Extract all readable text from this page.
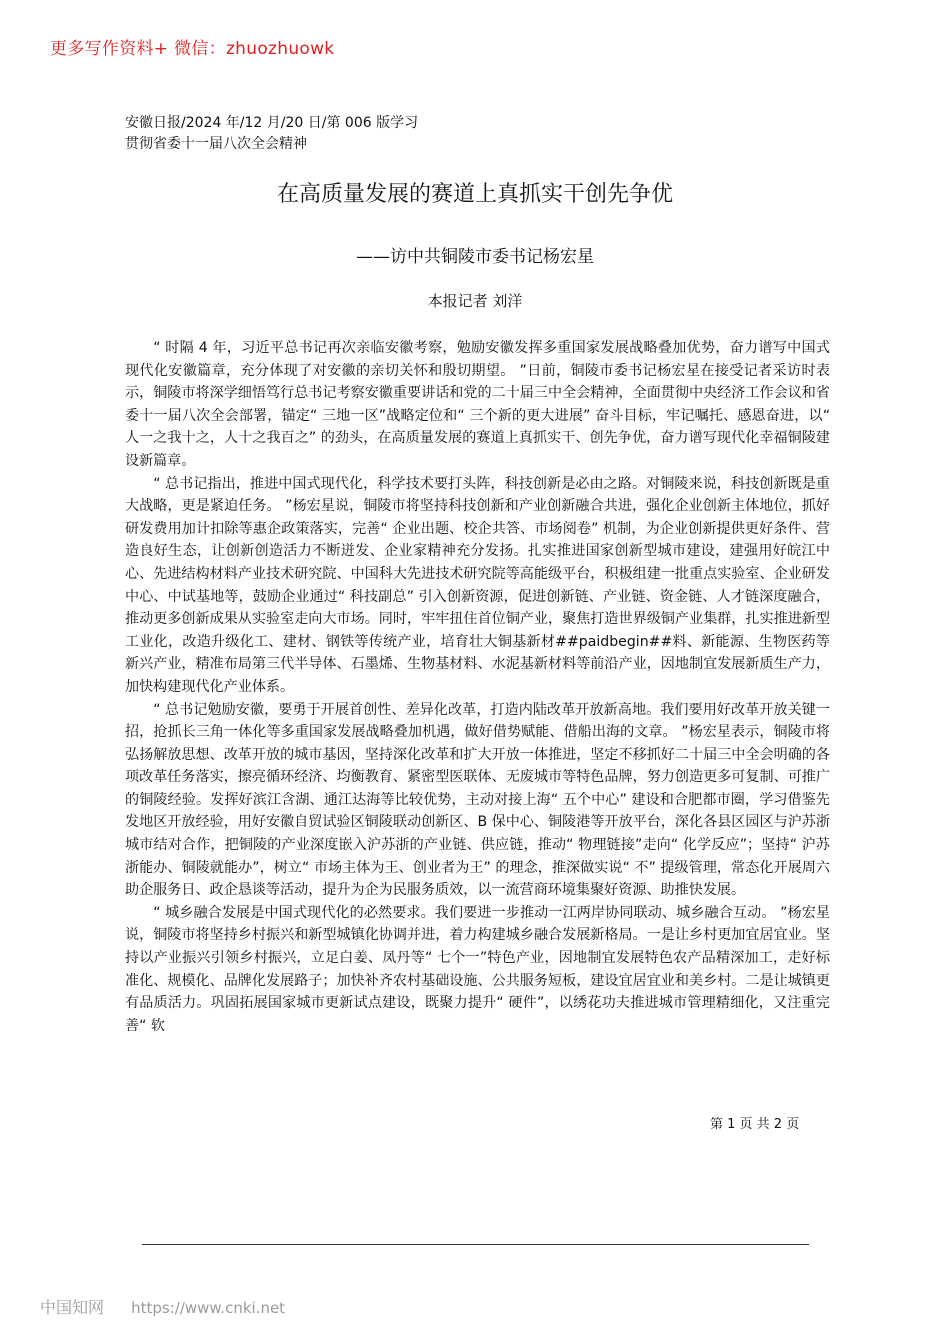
更多写作资料+ 微信：zhuozhuowk
安徽日报/2024 年/12 月/20 日/第 006 版学习贯彻省委十一届八次全会精神
在高质量发展的赛道上真抓实干创先争优
——访中共铜陵市委书记杨宏星
本报记者 刘洋

“ 时隔 4 年，习近平总书记再次亲临安徽考察，勉励安徽发挥多重国家发展战略叠加优势，奋力谱写中国式现代化安徽篇章，充分体现了对安徽的亲切关怀和殷切期望。 ”日前，铜陵市委书记杨宏星在接受记者采访时表示，铜陵市将深学细悟笃行总书记考察安徽重要讲话和党的二十届三中全会精神，全面贯彻中央经济工作会议和省委十一届八次全会部署，锚定“ 三地一区”战略定位和“ 三个新的更大进展” 奋斗目标，牢记嘱托、感恩奋进，以“ 人一之我十之，人十之我百之” 的劲头，在高质量发展的赛道上真抓实干、创先争优，奋力谱写现代化幸福铜陵建设新篇章。

“ 总书记指出，推进中国式现代化，科学技术要打头阵，科技创新是必由之路。对铜陵来说，科技创新既是重大战略，更是紧迫任务。 ”杨宏星说，铜陵市将坚持科技创新和产业创新融合共进，强化企业创新主体地位，抓好研发费用加计扣除等惠企政策落实，完善“ 企业出题、校企共答、市场阅卷” 机制，为企业创新提供更好条件、营造良好生态，让创新创造活力不断迸发、企业家精神充分发扬。扎实推进国家创新型城市建设，建强用好皖江中心、先进结构材料产业技术研究院、中国科大先进技术研究院等高能级平台，积极组建一批重点实验室、企业研发中心、中试基地等，鼓励企业通过“ 科技副总” 引入创新资源，促进创新链、产业链、资金链、人才链深度融合，推动更多创新成果从实验室走向大市场。同时，牢牢扭住首位铜产业，聚焦打造世界级铜产业集群，扎实推进新型工业化，改造升级化工、建材、钢铁等传统产业，培育壮大铜基新材##paidbegin##料、新能源、生物医药等新兴产业，精准布局第三代半导体、石墨烯、生物基材料、水泥基新材料等前沿产业，因地制宜发展新质生产力，加快构建现代化产业体系。

“ 总书记勉励安徽，要勇于开展首创性、差异化改革，打造内陆改革开放新高地。我们要用好改革开放关键一招，抢抓长三角一体化等多重国家发展战略叠加机遇，做好借势赋能、借船出海的文章。 ”杨宏星表示，铜陵市将弘扬解放思想、改革开放的城市基因，坚持深化改革和扩大开放一体推进，坚定不移抓好二十届三中全会明确的各项改革任务落实，擦亮循环经济、均衡教育、紧密型医联体、无废城市等特色品牌，努力创造更多可复制、可推广的铜陵经验。发挥好滨江含湖、通江达海等比较优势，主动对接上海“ 五个中心” 建设和合肥都市圈，学习借鉴先发地区开放经验，用好安徽自贸试验区铜陵联动创新区、B 保中心、铜陵港等开放平台，深化各县区园区与沪苏浙城市结对合作，把铜陵的产业深度嵌入沪苏浙的产业链、供应链，推动“ 物理链接”走向“ 化学反应”；坚持“ 沪苏浙能办、铜陵就能办”，树立“ 市场主体为王、创业者为王” 的理念，推深做实说“ 不” 提级管理，常态化开展周六助企服务日、政企恳谈等活动，提升为企为民服务质效，以一流营商环境集聚好资源、助推快发展。

“ 城乡融合发展是中国式现代化的必然要求。我们要进一步推动一江两岸协同联动、城乡融合互动。 ”杨宏星说，铜陵市将坚持乡村振兴和新型城镇化协调并进，着力构建城乡融合发展新格局。一是让乡村更加宜居宜业。坚持以产业振兴引领乡村振兴，立足白姜、凤丹等“ 七个一”特色产业，因地制宜发展特色农产品精深加工，走好标准化、规模化、品牌化发展路子；加快补齐农村基础设施、公共服务短板，建设宜居宜业和美乡村。二是让城镇更有品质活力。巩固拓展国家城市更新试点建设，既聚力提升“ 硬件”，以绣花功夫推进城市管理精细化，又注重完善“ 软

第 1 页 共 2 页
中国知网 https://www.cnki.net
